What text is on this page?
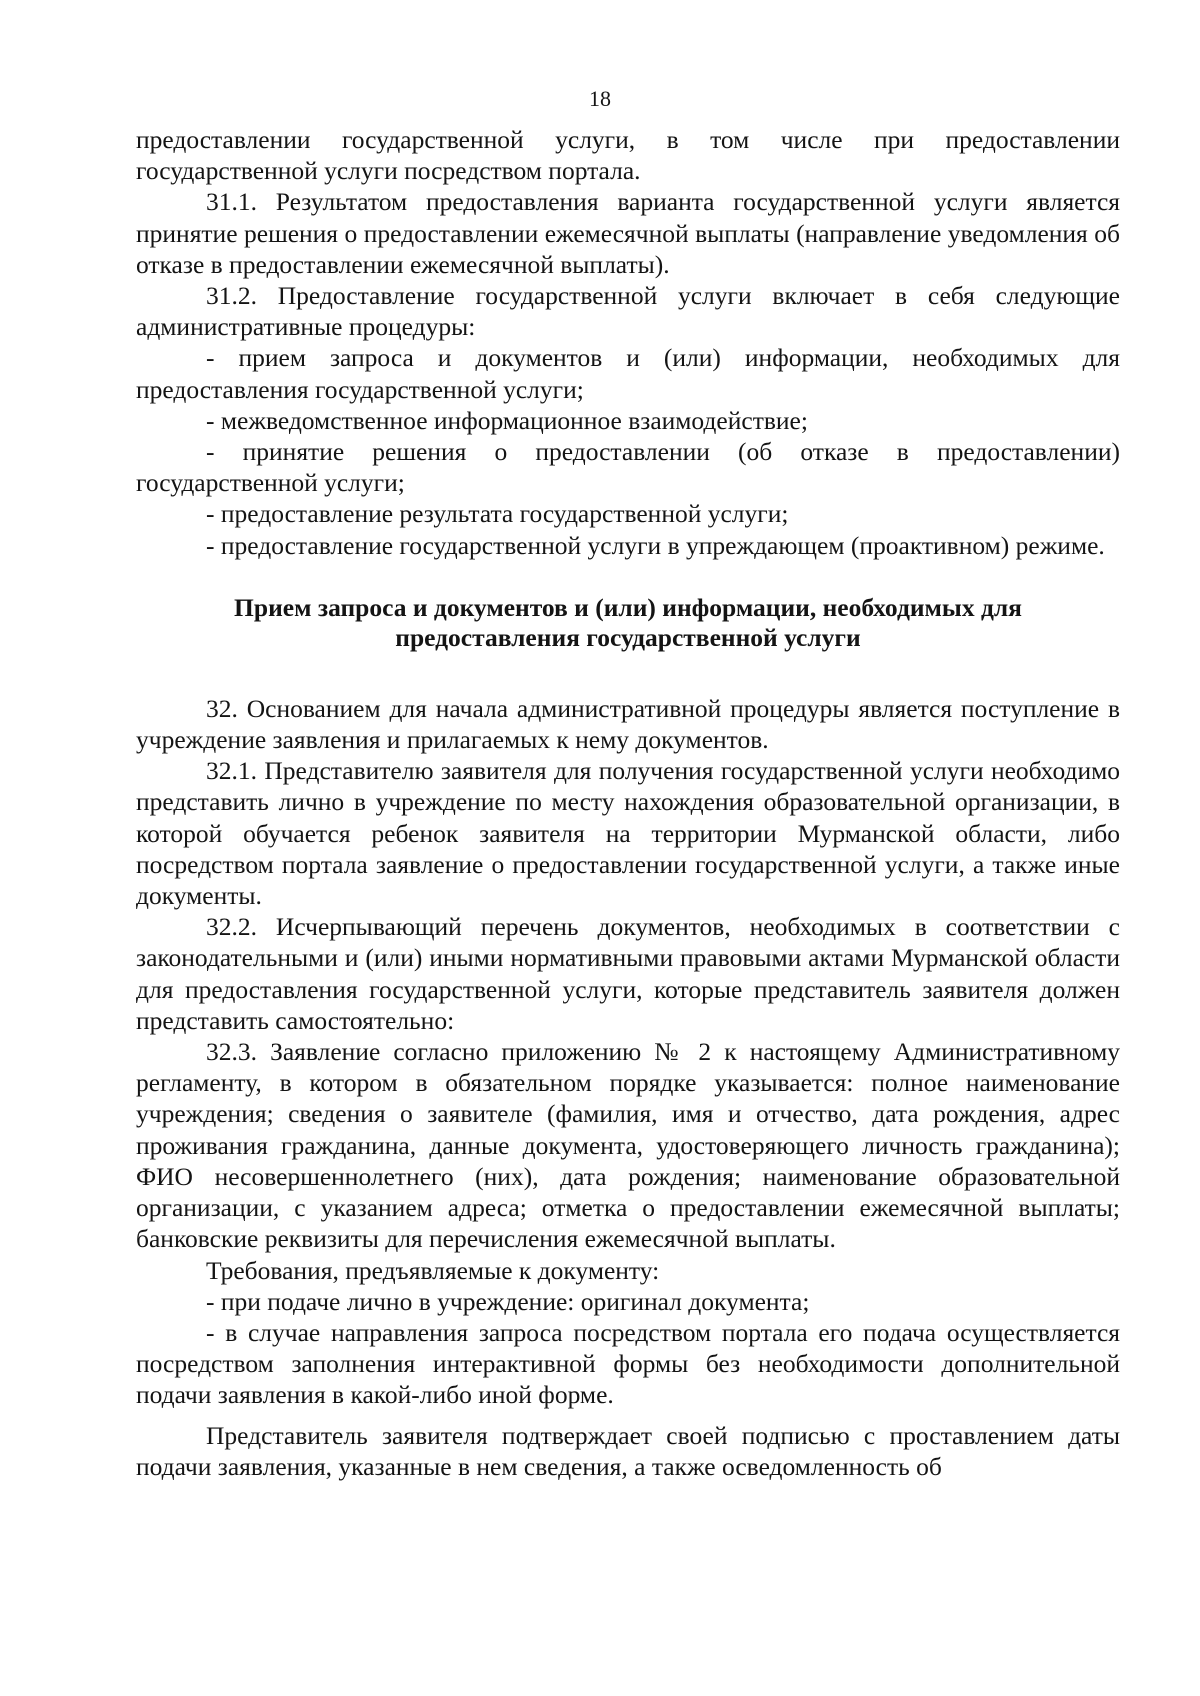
18

предоставлении государственной услуги, в том числе при предоставлении государственной услуги посредством портала.

31.1. Результатом предоставления варианта государственной услуги является принятие решения о предоставлении ежемесячной выплаты (направление уведомления об отказе в предоставлении ежемесячной выплаты).

31.2. Предоставление государственной услуги включает в себя следующие административные процедуры:

- прием запроса и документов и (или) информации, необходимых для предоставления государственной услуги;

- межведомственное информационное взаимодействие;

- принятие решения о предоставлении (об отказе в предоставлении) государственной услуги;

- предоставление результата государственной услуги;

- предоставление государственной услуги в упреждающем (проактивном) режиме.

Прием запроса и документов и (или) информации, необходимых для предоставления государственной услуги

32. Основанием для начала административной процедуры является поступление в учреждение заявления и прилагаемых к нему документов.

32.1. Представителю заявителя для получения государственной услуги необходимо представить лично в учреждение по месту нахождения образовательной организации, в которой обучается ребенок заявителя на территории Мурманской области, либо посредством портала заявление о предоставлении государственной услуги, а также иные документы.

32.2. Исчерпывающий перечень документов, необходимых в соответствии с законодательными и (или) иными нормативными правовыми актами Мурманской области для предоставления государственной услуги, которые представитель заявителя должен представить самостоятельно:

32.3. Заявление согласно приложению № 2 к настоящему Административному регламенту, в котором в обязательном порядке указывается: полное наименование учреждения; сведения о заявителе (фамилия, имя и отчество, дата рождения, адрес проживания гражданина, данные документа, удостоверяющего личность гражданина); ФИО несовершеннолетнего (них), дата рождения; наименование образовательной организации, с указанием адреса; отметка о предоставлении ежемесячной выплаты; банковские реквизиты для перечисления ежемесячной выплаты.

Требования, предъявляемые к документу:

- при подаче лично в учреждение: оригинал документа;

- в случае направления запроса посредством портала его подача осуществляется посредством заполнения интерактивной формы без необходимости дополнительной подачи заявления в какой-либо иной форме.

Представитель заявителя подтверждает своей подписью с проставлением даты подачи заявления, указанные в нем сведения, а также осведомленность об
